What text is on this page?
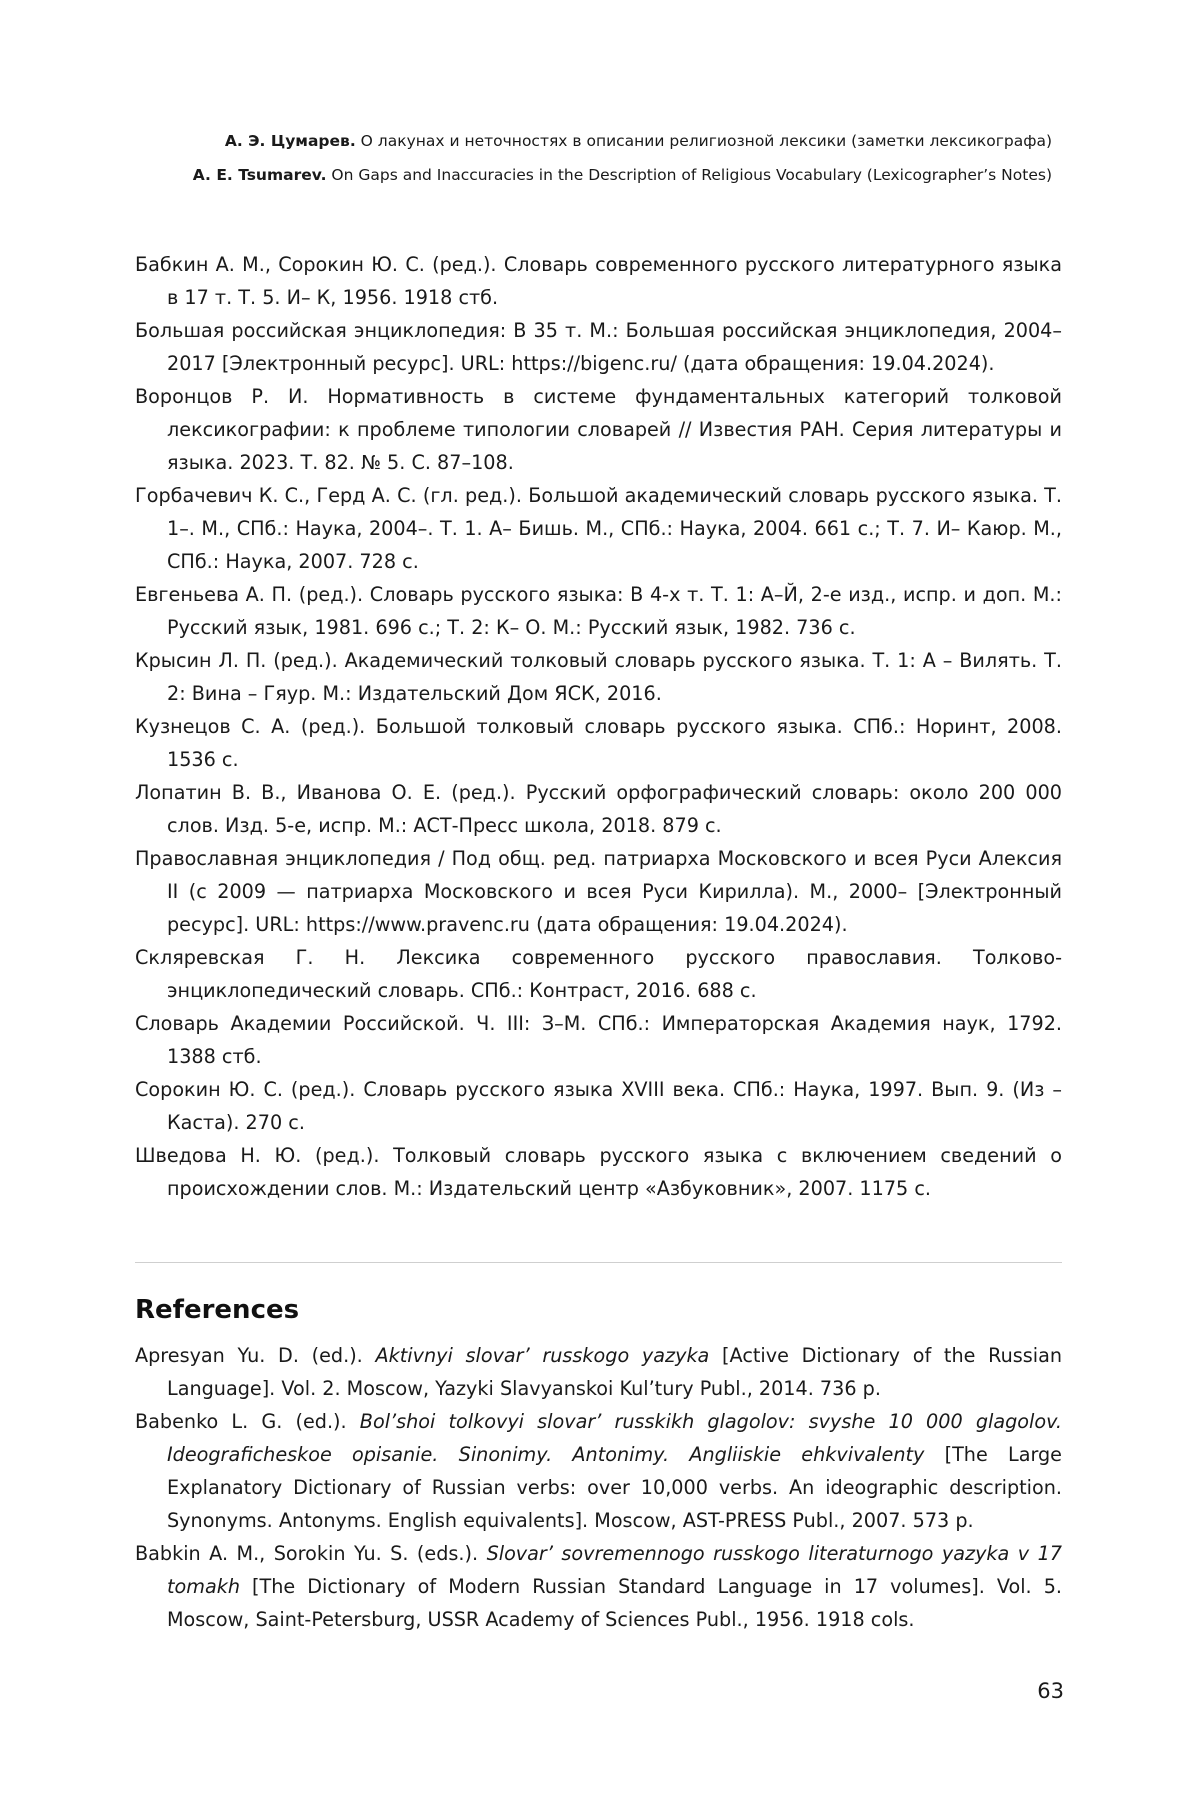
А. Э. Цумарев. О лакунах и неточностях в описании религиозной лексики (заметки лексикографа)
A. E. Tsumarev. On Gaps and Inaccuracies in the Description of Religious Vocabulary (Lexicographer’s Notes)

Бабкин А. М., Сорокин Ю. С. (ред.). Словарь современного русского литературного языка в 17 т. Т. 5. И– К, 1956. 1918 стб.

Большая российская энциклопедия: В 35 т. М.: Большая российская энциклопедия, 2004–2017 [Электронный ресурс]. URL: https://bigenc.ru/ (дата обращения: 19.04.2024).

Воронцов Р. И. Нормативность в системе фундаментальных категорий толковой лексикографии: к проблеме типологии словарей // Известия РАН. Серия литературы и языка. 2023. Т. 82. № 5. С. 87–108.

Горбачевич К. С., Герд А. С. (гл. ред.). Большой академический словарь русского языка. Т. 1–. М., СПб.: Наука, 2004–. Т. 1. А– Бишь. М., СПб.: Наука, 2004. 661 с.; Т. 7. И– Каюр. М., СПб.: Наука, 2007. 728 с.

Евгеньева А. П. (ред.). Словарь русского языка: В 4-х т. Т. 1: А–Й, 2-е изд., испр. и доп. М.: Русский язык, 1981. 696 с.; Т. 2: К– О. М.: Русский язык, 1982. 736 с.

Крысин Л. П. (ред.). Академический толковый словарь русского языка. Т. 1: А – Вилять. Т. 2: Вина – Гяур. М.: Издательский Дом ЯСК, 2016.

Кузнецов С. А. (ред.). Большой толковый словарь русского языка. СПб.: Норинт, 2008. 1536 с.

Лопатин В. В., Иванова О. Е. (ред.). Русский орфографический словарь: около 200 000 слов. Изд. 5-е, испр. М.: АСТ-Пресс школа, 2018. 879 с.

Православная энциклопедия / Под общ. ред. патриарха Московского и всея Руси Алексия II (с 2009 — патриарха Московского и всея Руси Кирилла). М., 2000– [Электронный ресурс]. URL: https://www.pravenc.ru (дата обращения: 19.04.2024).

Скляревская Г. Н. Лексика современного русского православия. Толково-энциклопедический словарь. СПб.: Контраст, 2016. 688 с.

Словарь Академии Российской. Ч. III: З–М. СПб.: Императорская Академия наук, 1792. 1388 стб.

Сорокин Ю. С. (ред.). Словарь русского языка XVIII века. СПб.: Наука, 1997. Вып. 9. (Из – Каста). 270 с.

Шведова Н. Ю. (ред.). Толковый словарь русского языка с включением сведений о происхождении слов. М.: Издательский центр «Азбуковник», 2007. 1175 с.

References

Apresyan Yu. D. (ed.). Aktivnyi slovar’ russkogo yazyka [Active Dictionary of the Russian Language]. Vol. 2. Moscow, Yazyki Slavyanskoi Kul’tury Publ., 2014. 736 p.

Babenko L. G. (ed.). Bol’shoi tolkovyi slovar’ russkikh glagolov: svyshe 10 000 glagolov. Ideograficheskoe opisanie. Sinonimy. Antonimy. Angliiskie ehkvivalenty [The Large Explanatory Dictionary of Russian verbs: over 10,000 verbs. An ideographic description. Synonyms. Antonyms. English equivalents]. Moscow, AST-PRESS Publ., 2007. 573 p.

Babkin A. M., Sorokin Yu. S. (eds.). Slovar’ sovremennogo russkogo literaturnogo yazyka v 17 tomakh [The Dictionary of Modern Russian Standard Language in 17 volumes]. Vol. 5. Moscow, Saint-Petersburg, USSR Academy of Sciences Publ., 1956. 1918 cols.

63
